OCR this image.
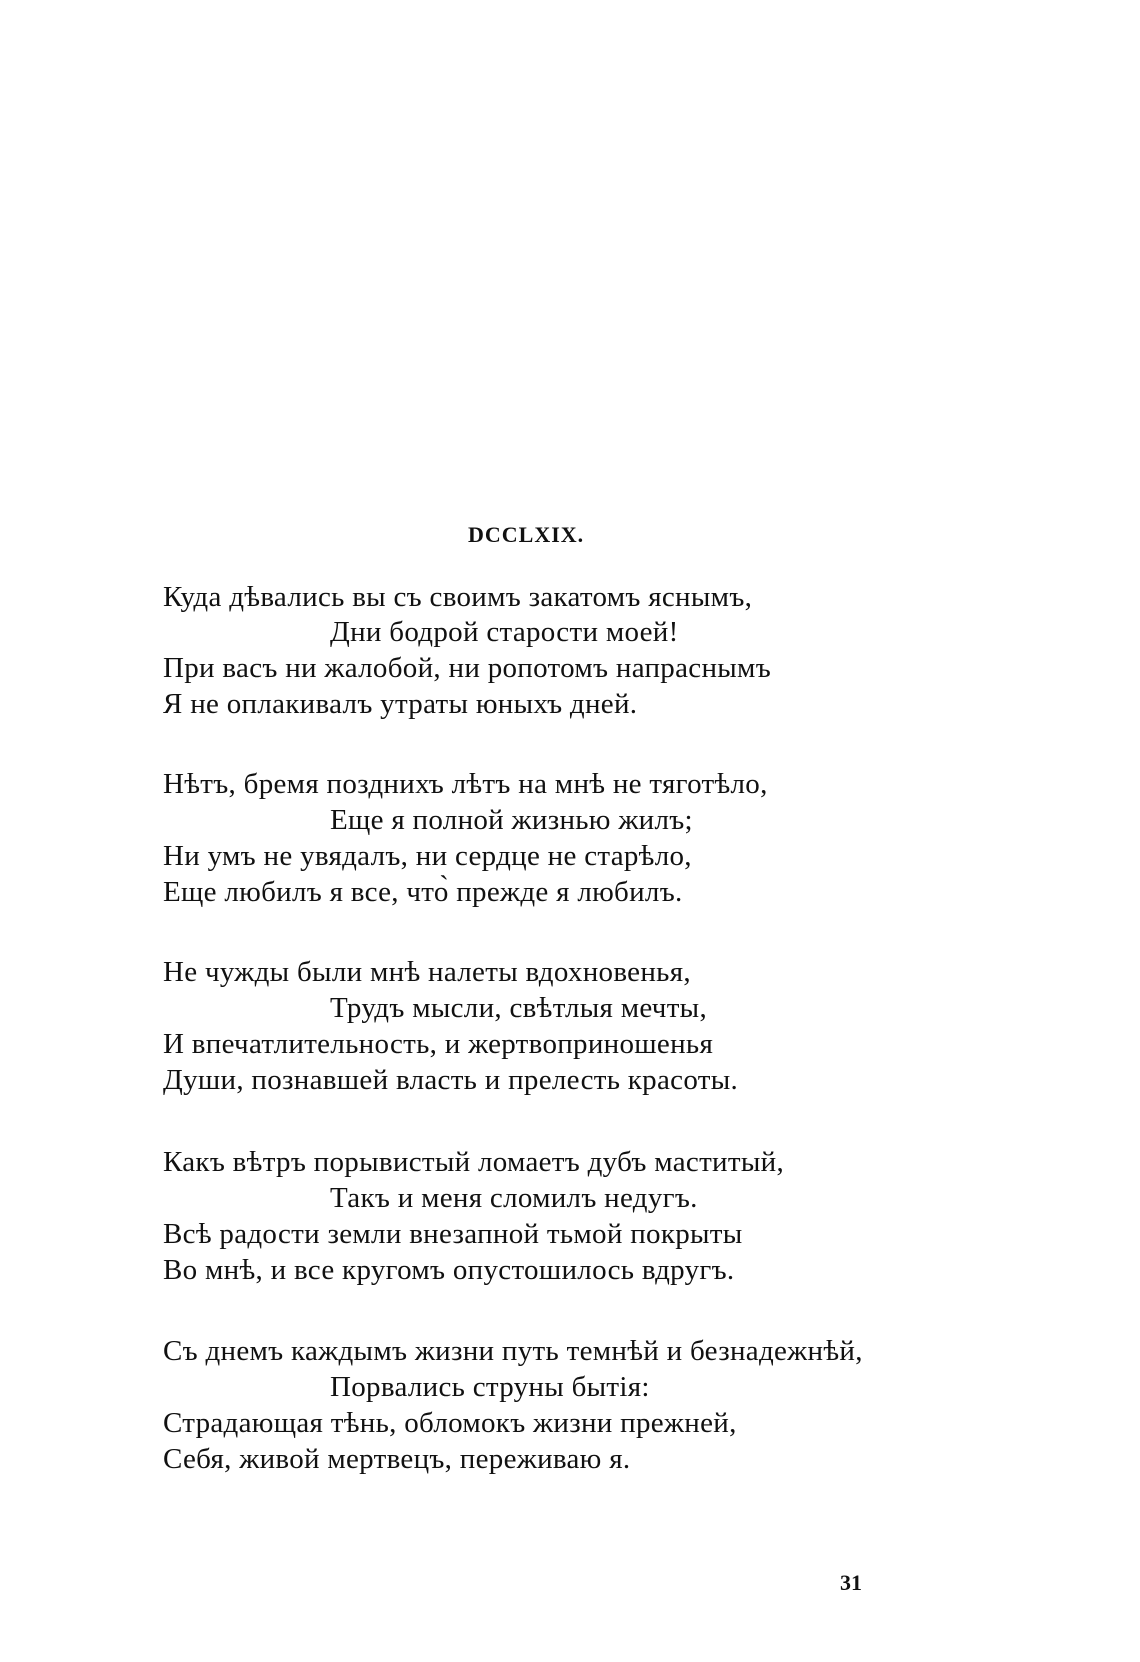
DCCLXIX.
Куда дѣвались вы съ своимъ закатомъ яснымъ,
Дни бодрой старости моей!
При васъ ни жалобой, ни ропотомъ напраснымъ
Я не оплакивалъ утраты юныхъ дней.
Нѣтъ, бремя позднихъ лѣтъ на мнѣ не тяготѣло,
Еще я полной жизнью жилъ;
Ни умъ не увядалъ, ни сердце не старѣло,
Еще любилъ я все, что̀ прежде я любилъ.
Не чужды были мнѣ налеты вдохновенья,
Трудъ мысли, свѣтлыя мечты,
И впечатлительность, и жертвоприношенья
Души, познавшей власть и прелесть красоты.
Какъ вѣтръ порывистый ломаетъ дубъ маститый,
Такъ и меня сломилъ недугъ.
Всѣ радости земли внезапной тьмой покрыты
Во мнѣ, и все кругомъ опустошилось вдругъ.
Съ днемъ каждымъ жизни путь темнѣй и безнадежнѣй,
Порвались струны бытія:
Страдающая тѣнь, обломокъ жизни прежней,
Себя, живой мертвецъ, переживаю я.
31
